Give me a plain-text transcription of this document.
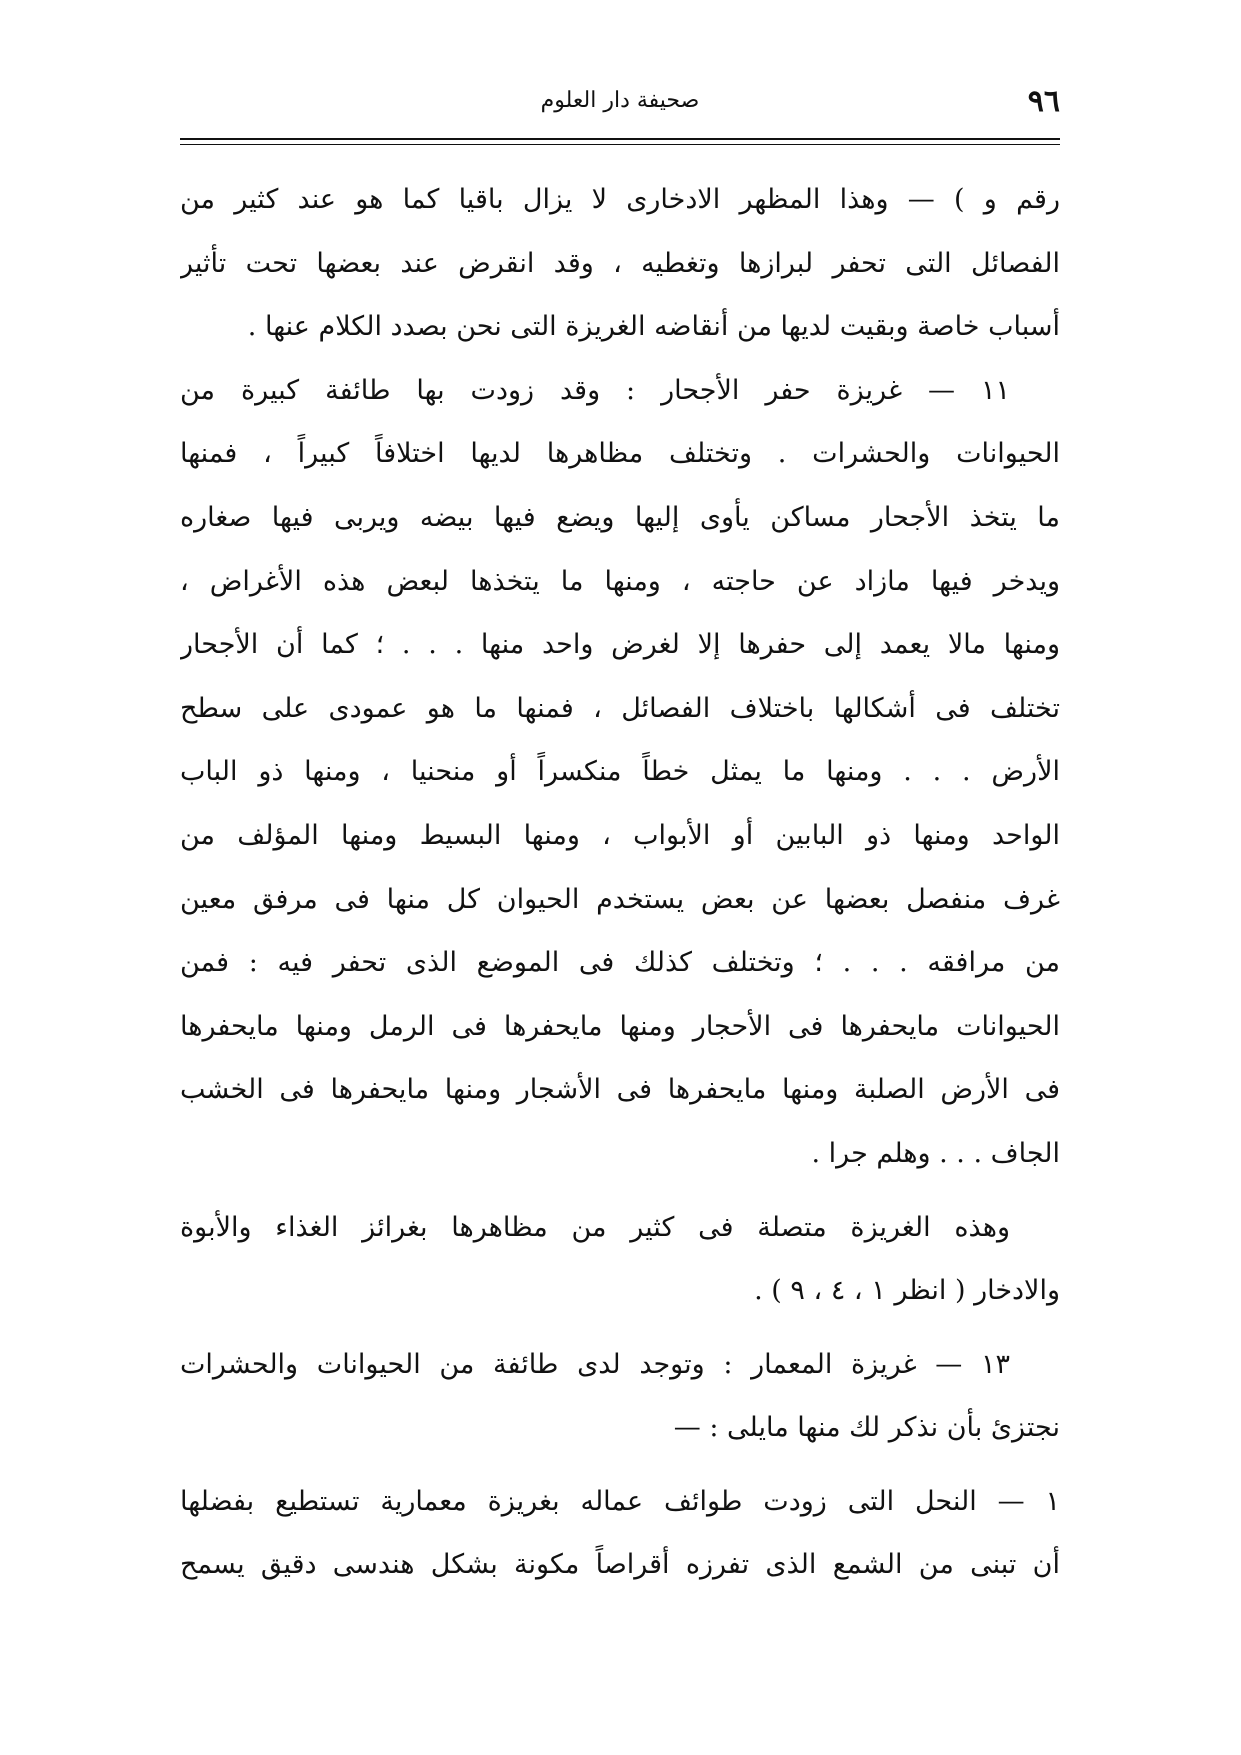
٩٦
صحيفة دار العلوم
رقم و ) — وهذا المظهر الادخارى لا يزال باقيا كما هو عند كثير من
الفصائل التى تحفر لبرازها وتغطيه ، وقد انقرض عند بعضها تحت تأثير
أسباب خاصة وبقيت لديها من أنقاضه الغريزة التى نحن بصدد الكلام عنها .
١١ — غريزة حفر الأجحار : وقد زودت بها طائفة كبيرة من
الحيوانات والحشرات . وتختلف مظاهرها لديها اختلافاً كبيراً ، فمنها
ما يتخذ الأجحار مساكن يأوى إليها ويضع فيها بيضه ويربى فيها صغاره
ويدخر فيها مازاد عن حاجته ، ومنها ما يتخذها لبعض هذه الأغراض ،
ومنها مالا يعمد إلى حفرها إلا لغرض واحد منها . . . ؛ كما أن الأجحار
تختلف فى أشكالها باختلاف الفصائل ، فمنها ما هو عمودى على سطح
الأرض . . . ومنها ما يمثل خطاً منكسراً أو منحنيا ، ومنها ذو الباب
الواحد ومنها ذو البابين أو الأبواب ، ومنها البسيط ومنها المؤلف من
غرف منفصل بعضها عن بعض يستخدم الحيوان كل منها فى مرفق معين
من مرافقه . . . ؛ وتختلف كذلك فى الموضع الذى تحفر فيه : فمن
الحيوانات مايحفرها فى الأحجار ومنها مايحفرها فى الرمل ومنها مايحفرها
فى الأرض الصلبة ومنها مايحفرها فى الأشجار ومنها مايحفرها فى الخشب
الجاف . . . وهلم جرا .
وهذه الغريزة متصلة فى كثير من مظاهرها بغرائز الغذاء والأبوة
والادخار ( انظر ١ ، ٤ ، ٩ ) .
١٣ — غريزة المعمار : وتوجد لدى طائفة من الحيوانات والحشرات
نجتزئ بأن نذكر لك منها مايلى : —
١ — النحل التى زودت طوائف عماله بغريزة معمارية تستطيع بفضلها
أن تبنى من الشمع الذى تفرزه أقراصاً مكونة بشكل هندسى دقيق يسمح
